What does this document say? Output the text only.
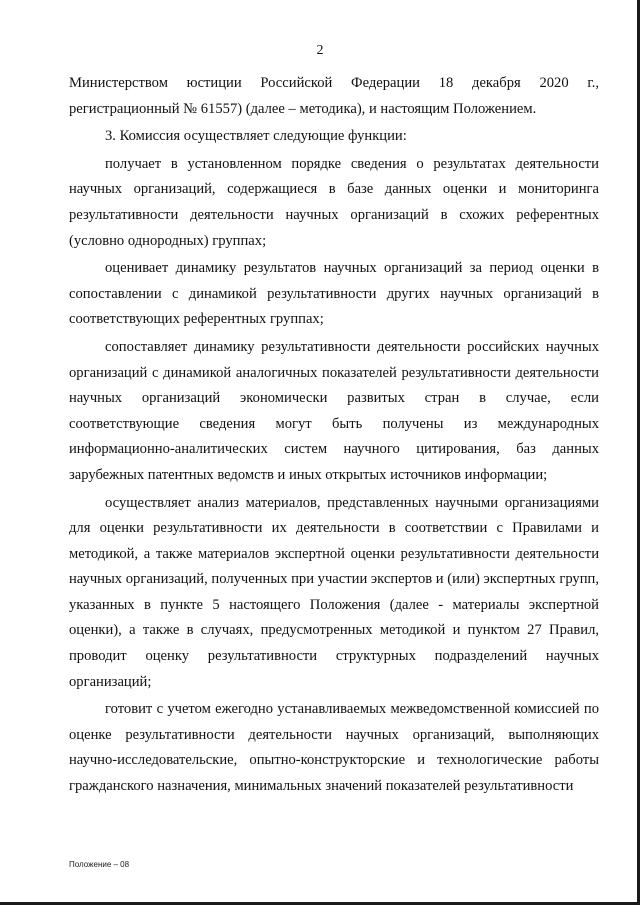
2

Министерством юстиции Российской Федерации 18 декабря 2020 г., регистрационный № 61557) (далее – методика), и настоящим Положением.

3. Комиссия осуществляет следующие функции:

получает в установленном порядке сведения о результатах деятельности научных организаций, содержащиеся в базе данных оценки и мониторинга результативности деятельности научных организаций в схожих референтных (условно однородных) группах;

оценивает динамику результатов научных организаций за период оценки в сопоставлении с динамикой результативности других научных организаций в соответствующих референтных группах;

сопоставляет динамику результативности деятельности российских научных организаций с динамикой аналогичных показателей результативности деятельности научных организаций экономически развитых стран в случае, если соответствующие сведения могут быть получены из международных информационно-аналитических систем научного цитирования, баз данных зарубежных патентных ведомств и иных открытых источников информации;

осуществляет анализ материалов, представленных научными организациями для оценки результативности их деятельности в соответствии с Правилами и методикой, а также материалов экспертной оценки результативности деятельности научных организаций, полученных при участии экспертов и (или) экспертных групп, указанных в пункте 5 настоящего Положения (далее - материалы экспертной оценки), а также в случаях, предусмотренных методикой и пунктом 27 Правил, проводит оценку результативности структурных подразделений научных организаций;

готовит с учетом ежегодно устанавливаемых межведомственной комиссией по оценке результативности деятельности научных организаций, выполняющих научно-исследовательские, опытно-конструкторские и технологические работы гражданского назначения, минимальных значений показателей результативности

Положение – 08
